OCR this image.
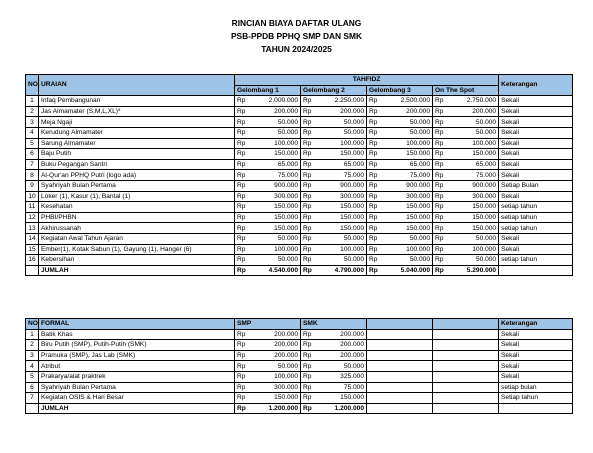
RINCIAN BIAYA DAFTAR ULANG
PSB-PPDB PPHQ SMP DAN SMK
TAHUN 2024/2025
NO.	URAIAN	TAHFIDZ								Keterangan
		Gelombang 1		Gelombang 2		Gelombang 3		On The Spot		
1	Infaq Pembangunan	Rp	2.000.000	Rp	2.250.000	Rp	2.500.000	Rp	2.750.000	Sekali
2	Jas Almamater (S,M,L,XL)*	Rp	200.000	Rp	200.000	Rp	200.000	Rp	200.000	Sekali
3	Meja Ngaji	Rp	50.000	Rp	50.000	Rp	50.000	Rp	50.000	Sekali
4	Kerudung Almamater	Rp	50.000	Rp	50.000	Rp	50.000	Rp	50.000	Sekali
5	Sarung Almamater	Rp	100.000	Rp	100.000	Rp	100.000	Rp	100.000	Sekali
6	Baju Putih	Rp	150.000	Rp	150.000	Rp	150.000	Rp	150.000	Sekali
7	Buku Pegangan Santri	Rp	65.000	Rp	65.000	Rp	65.000	Rp	65.000	Sekali
8	Al-Qur'an PPHQ Putri (logo ada)	Rp	75.000	Rp	75.000	Rp	75.000	Rp	75.000	Sekali
9	Syahriyah Bulan Pertama	Rp	900.000	Rp	900.000	Rp	900.000	Rp	900.000	Setiap Bulan
10	Loker (1), Kasur (1), Bantal (1)	Rp	300.000	Rp	300.000	Rp	300.000	Rp	300.000	Sekali
11	Kesehatan	Rp	150.000	Rp	150.000	Rp	150.000	Rp	150.000	setiap tahun
12	PHBI/PHBN	Rp	150.000	Rp	150.000	Rp	150.000	Rp	150.000	setiap tahun
13	Akhirussanah	Rp	150.000	Rp	150.000	Rp	150.000	Rp	150.000	setiap tahun
14	Kegiatan Awal Tahun Ajaran	Rp	50.000	Rp	50.000	Rp	50.000	Rp	50.000	Sekali
15	Ember(1), Kotak Sabun (1), Gayung (1), Hanger (6)	Rp	100.000	Rp	100.000	Rp	100.000	Rp	100.000	Sekali
16	Kebersihan	Rp	50.000	Rp	50.000	Rp	50.000	Rp	50.000	setiap tahun
	JUMLAH	Rp	4.540.000	Rp	4.790.000	Rp	5.040.000	Rp	5.290.000	
NO	FORMAL	SMP		SMK				Keterangan
1	Batik Khas	Rp	200.000	Rp	200.000			Sekali
2	Biru Putih (SMP), Putih-Putih (SMK)	Rp	200.000	Rp	200.000			Sekali
3	Pramuka (SMP), Jas Lab (SMK)	Rp	200.000	Rp	200.000			Sekali
4	Atribut	Rp	50.000	Rp	50.000			Sekali
5	Prakarya/alat praktrek	Rp	100.000	Rp	325.000			Sekali
6	Syahriyah Bulan Pertama	Rp	300.000	Rp	75.000			setiap bulan
7	Kegiatan OSIS & Hari Besar	Rp	150.000	Rp	150.000			Setiap tahun
	JUMLAH	Rp	1.200.000	Rp	1.200.000			
